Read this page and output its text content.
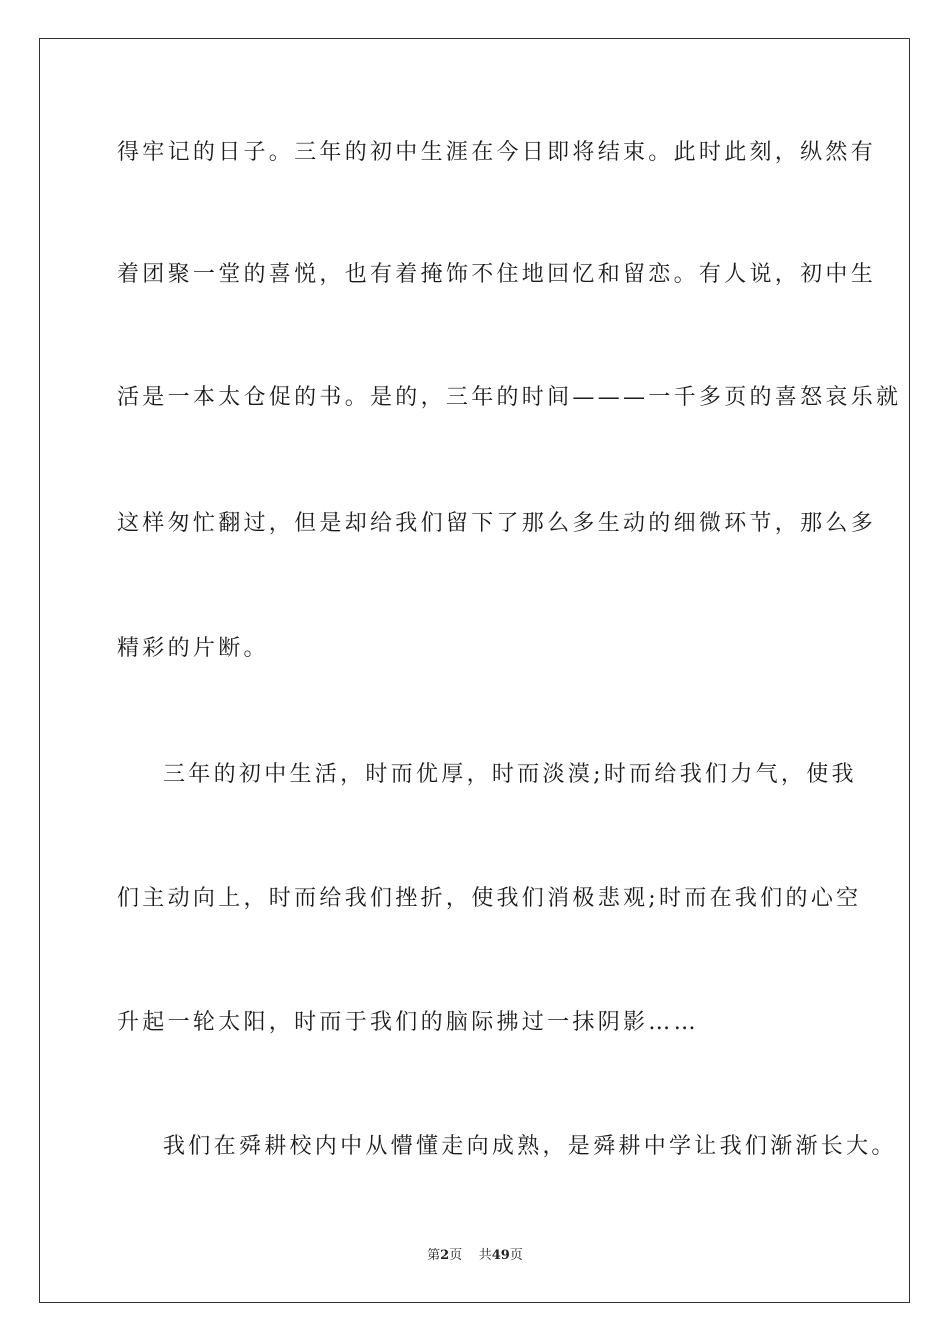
得牢记的日子。三年的初中生涯在今日即将结束。此时此刻，纵然有
着团聚一堂的喜悦，也有着掩饰不住地回忆和留恋。有人说，初中生
活是一本太仓促的书。是的，三年的时间———一千多页的喜怒哀乐就
这样匆忙翻过，但是却给我们留下了那么多生动的细微环节，那么多
精彩的片断。
三年的初中生活，时而优厚，时而淡漠;时而给我们力气，使我
们主动向上，时而给我们挫折，使我们消极悲观;时而在我们的心空
升起一轮太阳，时而于我们的脑际拂过一抹阴影……
我们在舜耕校内中从懵懂走向成熟，是舜耕中学让我们渐渐长大。
第2页 共49页
